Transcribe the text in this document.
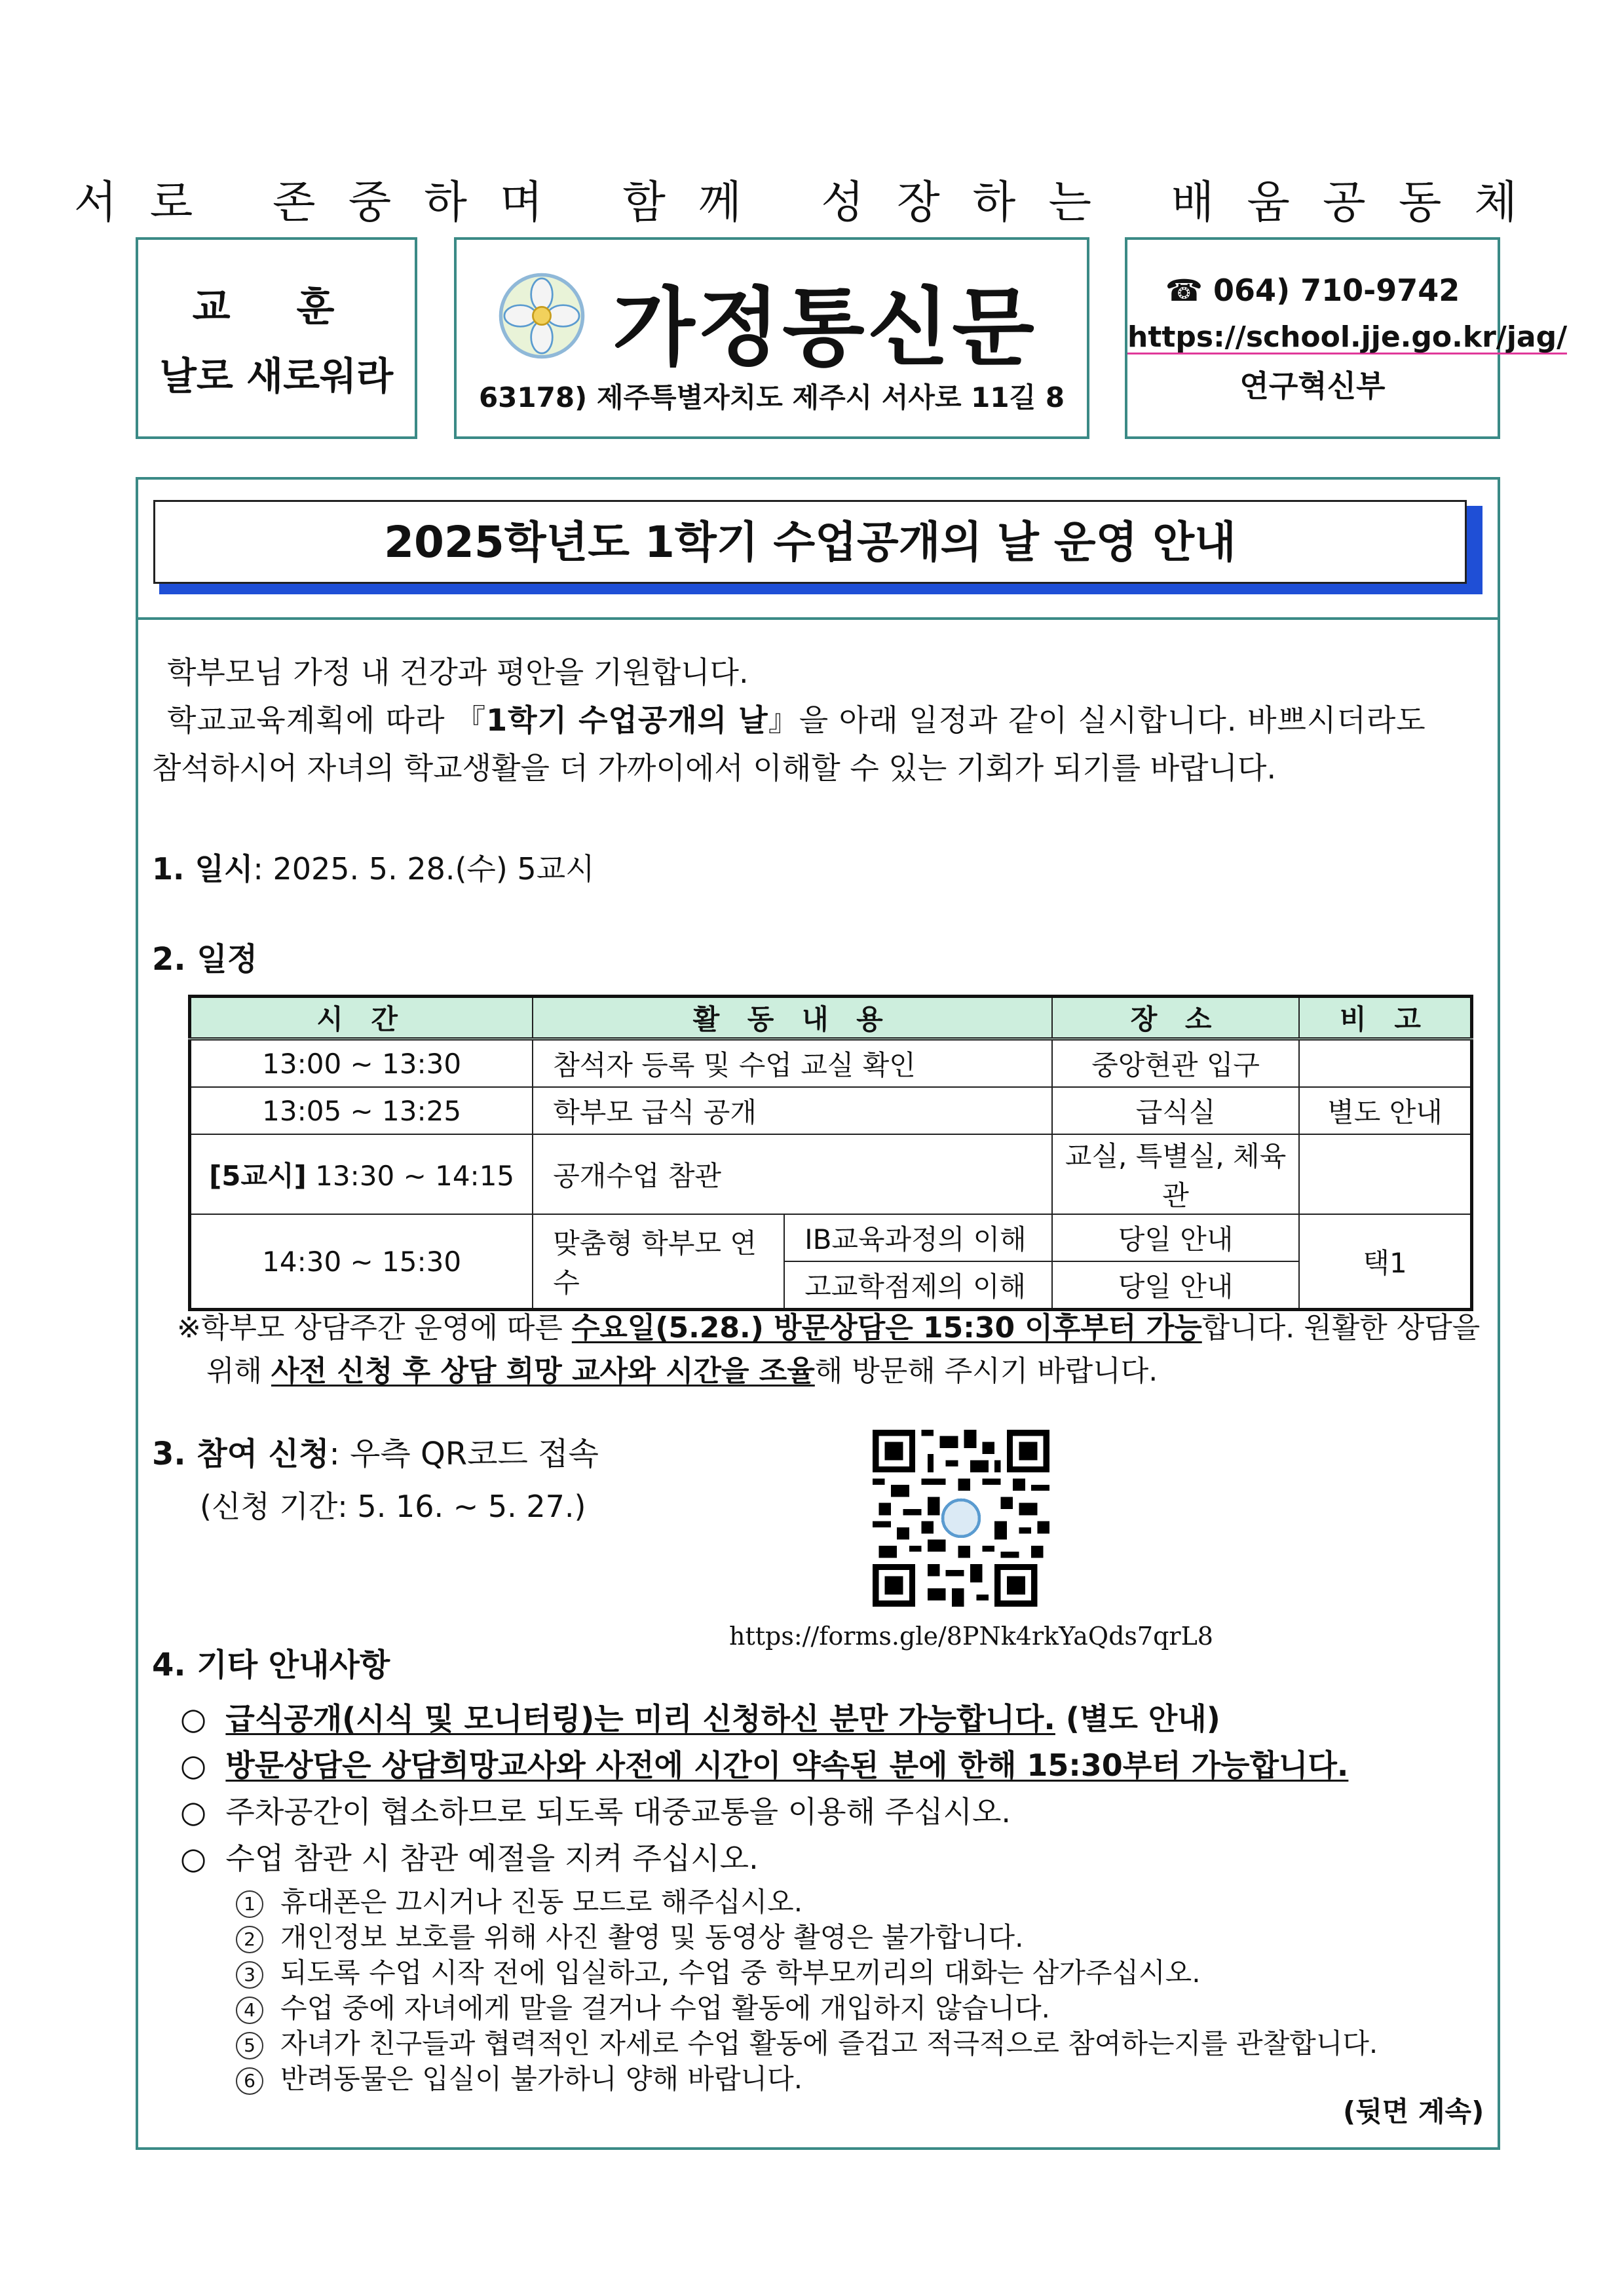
서로 존중하며 함께 성장하는 배움공동체
교 훈
날로 새로워라	가정통신문
63178) 제주특별자치도 제주시 서사로 11길 8
☎ 064) 710-9742
https://school.jje.go.kr/jag/
연구혁신부
2025학년도 1학기 수업공개의 날 운영 안내
학부모님 가정 내 건강과 평안을 기원합니다.
학교교육계획에 따라 『1학기 수업공개의 날』을 아래 일정과 같이 실시합니다. 바쁘시더라도
참석하시어 자녀의 학교생활을 더 가까이에서 이해할 수 있는 기회가 되기를 바랍니다.
1. 일시: 2025. 5. 28.(수) 5교시
2. 일정
시 간	활 동 내 용		장 소	비 고
13:00 ~ 13:30	참석자 등록 및 수업 교실 확인		중앙현관 입구	
13:05 ~ 13:25	학부모 급식 공개		급식실	별도 안내
[5교시] 13:30 ~ 14:15	공개수업 참관		교실, 특별실, 체육관	
14:30 ~ 15:30	맞춤형 학부모 연수	IB교육과정의 이해	당일 안내	택1
		고교학점제의 이해	당일 안내	
※학부모 상담주간 운영에 따른 수요일(5.28.) 방문상담은 15:30 이후부터 가능합니다. 원활한 상담을
위해 사전 신청 후 상담 희망 교사와 시간을 조율해 방문해 주시기 바랍니다.
3. 참여 신청: 우측 QR코드 접속
(신청 기간: 5. 16. ~ 5. 27.)
https://forms.gle/8PNk4rkYaQds7qrL8
4. 기타 안내사항
○ 급식공개(시식 및 모니터링)는 미리 신청하신 분만 가능합니다. (별도 안내)
○ 방문상담은 상담희망교사와 사전에 시간이 약속된 분에 한해 15:30부터 가능합니다.
○ 주차공간이 협소하므로 되도록 대중교통을 이용해 주십시오.
○ 수업 참관 시 참관 예절을 지켜 주십시오.
1 휴대폰은 끄시거나 진동 모드로 해주십시오.
2 개인정보 보호를 위해 사진 촬영 및 동영상 촬영은 불가합니다.
3 되도록 수업 시작 전에 입실하고, 수업 중 학부모끼리의 대화는 삼가주십시오.
4 수업 중에 자녀에게 말을 걸거나 수업 활동에 개입하지 않습니다.
5 자녀가 친구들과 협력적인 자세로 수업 활동에 즐겁고 적극적으로 참여하는지를 관찰합니다.
6 반려동물은 입실이 불가하니 양해 바랍니다.
(뒷면 계속)
